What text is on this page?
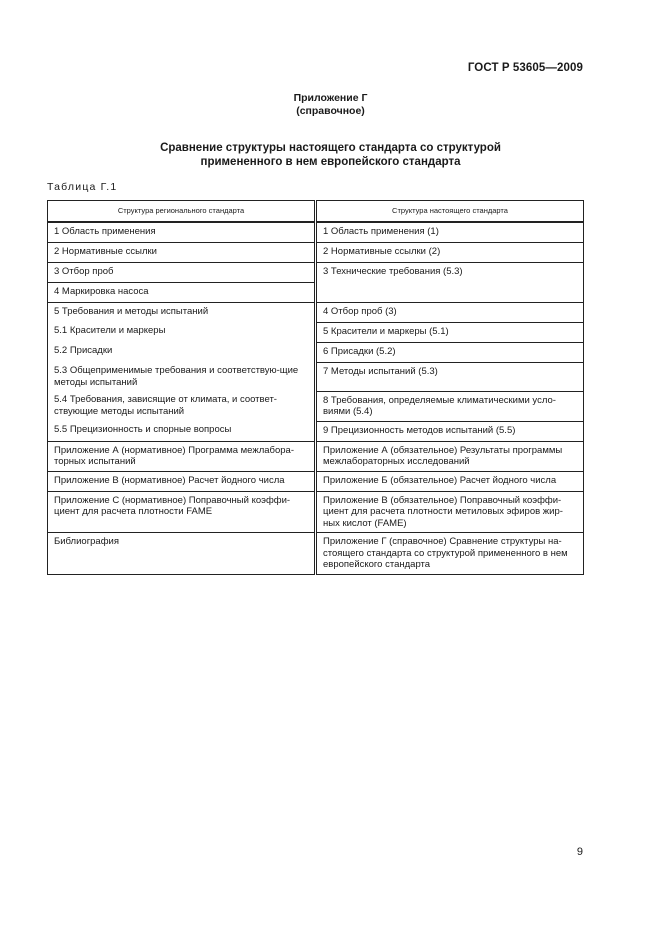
ГОСТ Р 53605—2009
Приложение Г
(справочное)
Сравнение структуры настоящего стандарта со структурой
примененного в нем европейского стандарта
Таблица Г.1
Структура регионального стандарта	Структура настоящего стандарта
1 Область применения	1 Область применения (1)
2 Нормативные ссылки	2 Нормативные ссылки (2)
3 Отбор проб	3 Технические требования (5.3)
4 Маркировка насоса	
5 Требования и методы испытаний	4 Отбор проб (3)
5.1 Красители и маркеры	5 Красители и маркеры (5.1)
5.2 Присадки	6 Присадки (5.2)
5.3 Общеприменимые требования и соответствую-щие методы испытаний	7 Методы испытаний (5.3)
5.4 Требования, зависящие от климата, и соответ-ствующие методы испытаний	8 Требования, определяемые климатическими усло-виями (5.4)
5.5 Прецизионность и спорные вопросы	9 Прецизионность методов испытаний (5.5)
Приложение А (нормативное) Программа межлабора-торных испытаний	Приложение А (обязательное) Результаты программы межлабораторных исследований
Приложение В (нормативное) Расчет йодного числа	Приложение Б (обязательное) Расчет йодного числа
Приложение С (нормативное) Поправочный коэффи-циент для расчета плотности FAME	Приложение В (обязательное) Поправочный коэффи-циент для расчета плотности метиловых эфиров жир-ных кислот (FAME)
Библиография	Приложение Г (справочное) Сравнение структуры на-стоящего стандарта со структурой примененного в нем европейского стандарта
9
